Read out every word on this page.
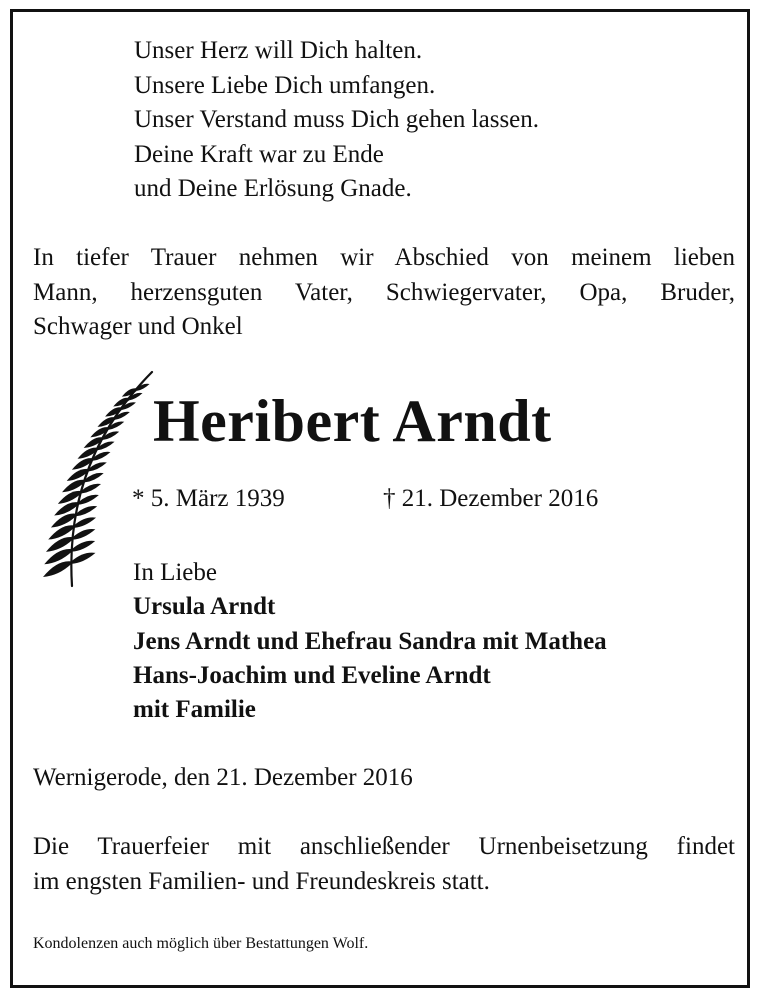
Unser Herz will Dich halten.
Unsere Liebe Dich umfangen.
Unser Verstand muss Dich gehen lassen.
Deine Kraft war zu Ende
und Deine Erlösung Gnade.
In tiefer Trauer nehmen wir Abschied von meinem lieben
Mann, herzensguten Vater, Schwiegervater, Opa, Bruder,
Schwager und Onkel
Heribert Arndt
* 5. März 1939	† 21. Dezember 2016
In Liebe
Ursula Arndt
Jens Arndt und Ehefrau Sandra mit Mathea
Hans-Joachim und Eveline Arndt
mit Familie
Wernigerode, den 21. Dezember 2016
Die Trauerfeier mit anschließender Urnenbeisetzung findet
im engsten Familien- und Freundeskreis statt.
Kondolenzen auch möglich über Bestattungen Wolf.
